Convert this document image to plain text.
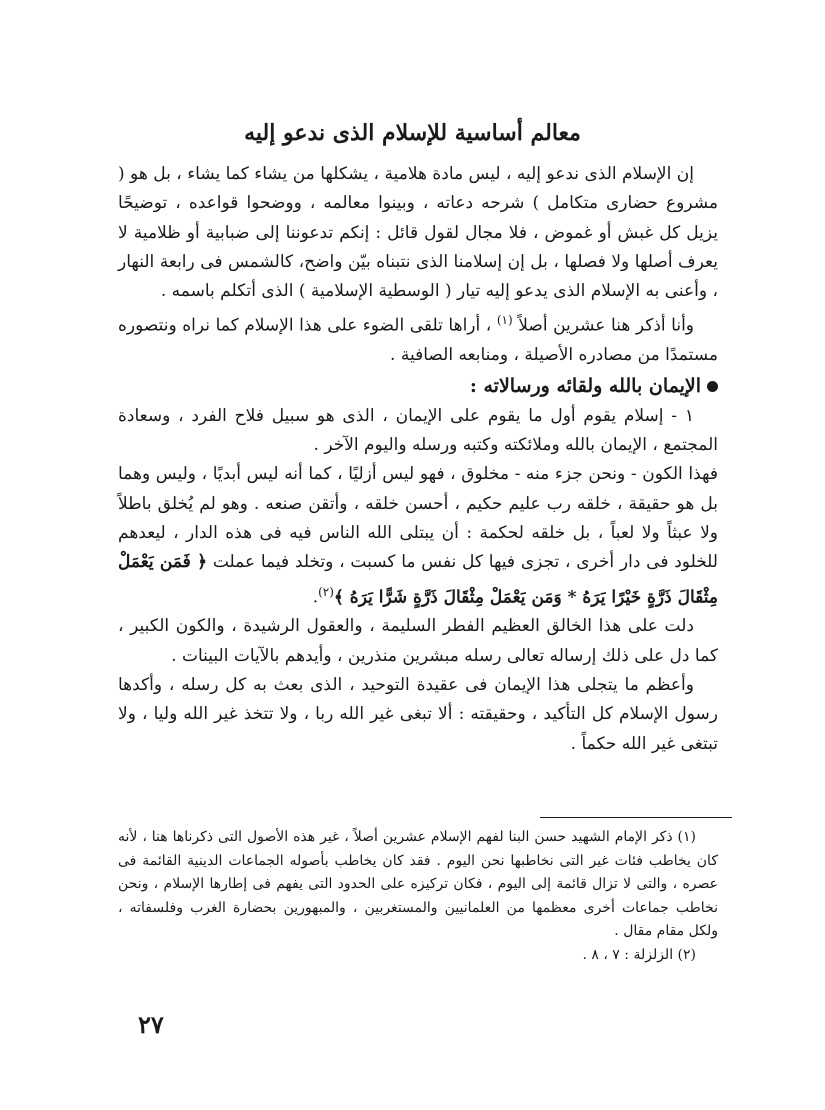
معالم أساسية للإسلام الذى ندعو إليه

إن الإسلام الذى ندعو إليه ، ليس مادة هلامية ، يشكلها من يشاء كما يشاء ، بل هو ( مشروع حضارى متكامل ) شرحه دعاته ، وبينوا معالمه ، ووضحوا قواعده ، توضيحًا يزيل كل غبش أو غموض ، فلا مجال لقول قائل : إنكم تدعوننا إلى ضبابية أو ظلامية لا يعرف أصلها ولا فصلها ، بل إن إسلامنا الذى نتبناه بيّن واضح، كالشمس فى رابعة النهار ، وأعنى به الإسلام الذى يدعو إليه تيار ( الوسطية الإسلامية ) الذى أتكلم باسمه .

وأنا أذكر هنا عشرين أصلاً $^{(١)}$ ، أراها تلقى الضوء على هذا الإسلام كما نراه ونتصوره مستمدًا من مصادره الأصيلة ، ومنابعه الصافية .

الإيمان بالله ولقائه ورسالاته :

١ - إسلام يقوم أول ما يقوم على الإيمان ، الذى هو سبيل فلاح الفرد ، وسعادة المجتمع ، الإيمان بالله وملائكته وكتبه ورسله واليوم الآخر .

فهذا الكون - ونحن جزء منه - مخلوق ، فهو ليس أزليًا ، كما أنه ليس أبديًا ، وليس وهما بل هو حقيقة ، خلقه رب عليم حكيم ، أحسن خلقه ، وأتقن صنعه . وهو لم يُخلق باطلاً ولا عبثاً ولا لعباً ، بل خلقه لحكمة : أن يبتلى الله الناس فيه فى هذه الدار ، ليعدهم للخلود فى دار أخرى ، تجزى فيها كل نفس ما كسبت ، وتخلد فيما عملت ﴿ فَمَن يَعْمَلْ مِثْقَالَ ذَرَّةٍ خَيْرًا يَرَهُ * وَمَن يَعْمَلْ مِثْقَالَ ذَرَّةٍ شَرًّا يَرَهُ ﴾$^{(٢)}$.

دلت على هذا الخالق العظيم الفطر السليمة ، والعقول الرشيدة ، والكون الكبير ، كما دل على ذلك إرساله تعالى رسله مبشرين منذرين ، وأيدهم بالآيات البينات .

وأعظم ما يتجلى هذا الإيمان فى عقيدة التوحيد ، الذى بعث به كل رسله ، وأكدها رسول الإسلام كل التأكيد ، وحقيقته : ألا تبغى غير الله ربا ، ولا تتخذ غير الله وليا ، ولا تبتغى غير الله حكماً .

(١) ذكر الإمام الشهيد حسن البنا لفهم الإسلام عشرين أصلاً ، غير هذه الأصول التى ذكرناها هنا ، لأنه كان يخاطب فئات غير التى نخاطبها نحن اليوم . فقد كان يخاطب بأصوله الجماعات الدينية القائمة فى عصره ، والتى لا تزال قائمة إلى اليوم ، فكان تركيزه على الحدود التى يفهم فى إطارها الإسلام ، ونحن نخاطب جماعات أخرى معظمها من العلمانيين والمستغربين ، والمبهورين بحضارة الغرب وفلسفاته ، ولكل مقام مقال .

(٢) الزلزلة : ٧ ، ٨ .

٢٧
